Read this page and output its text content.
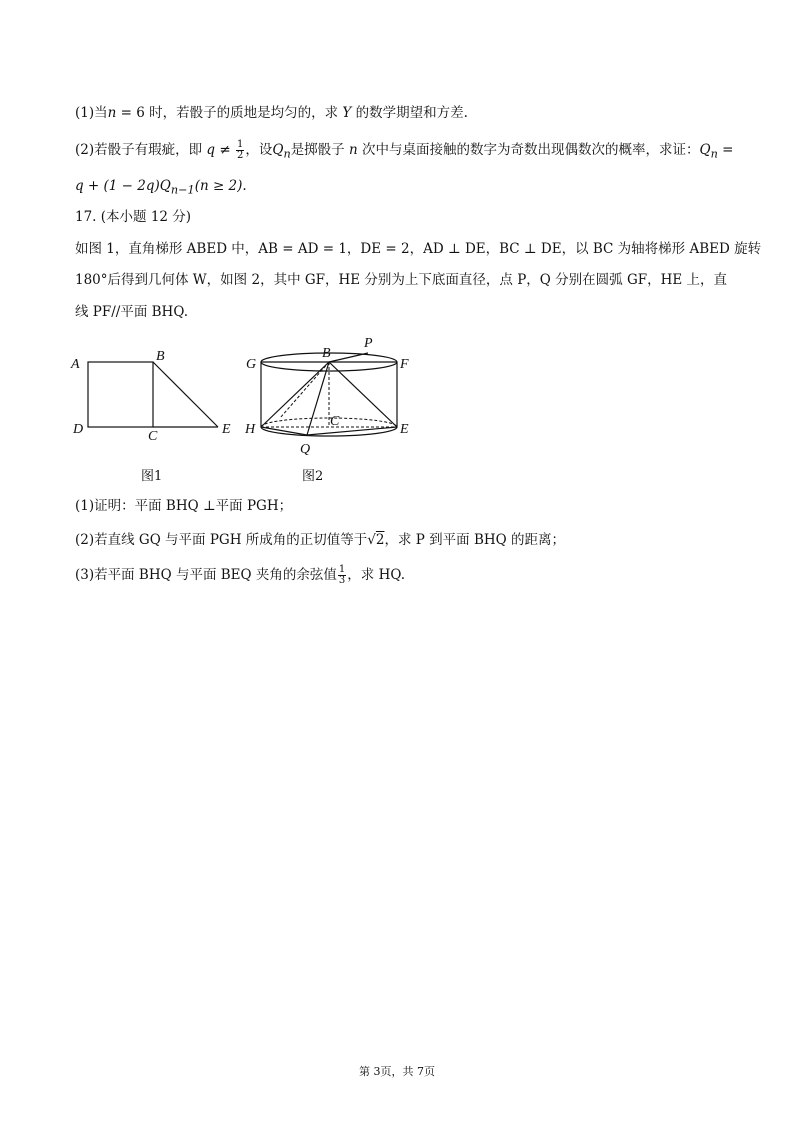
(1)当n = 6 时，若骰子的质地是均匀的，求 Y 的数学期望和方差.
(2)若骰子有瑕疵，即 $q \ne \frac{1}{2}$ ，设$Q_n$是掷骰子 n 次中与桌面接触的数字为奇数出现偶数次的概率，求证：$Q_n$ =
$q + (1 - 2q)Q_{n-1}(n \ge 2)$.
17. (本小题 12 分)
如图 1，直角梯形 ABED 中，AB = AD = 1，DE = 2，AD ⊥ DE，BC ⊥ DE，以 BC 为轴将梯形 ABED 旋转
180°后得到几何体 W，如图 2，其中 GF，HE 分别为上下底面直径，点 P，Q 分别在圆弧 GF，HE 上，直
线 PF//平面 BHQ.
A
B
C
D	E
图1
G
B
P
F
H
C
E
Q
图2
(1)证明：平面 BHQ ⊥平面 PGH；
(2)若直线 GQ 与平面 PGH 所成角的正切值等于√2，求 P 到平面 BHQ 的距离；
(3)若平面 BHQ 与平面 BEQ 夹角的余弦值 $\frac{1}{3}$ ，求 HQ.
第 3页，共 7页
